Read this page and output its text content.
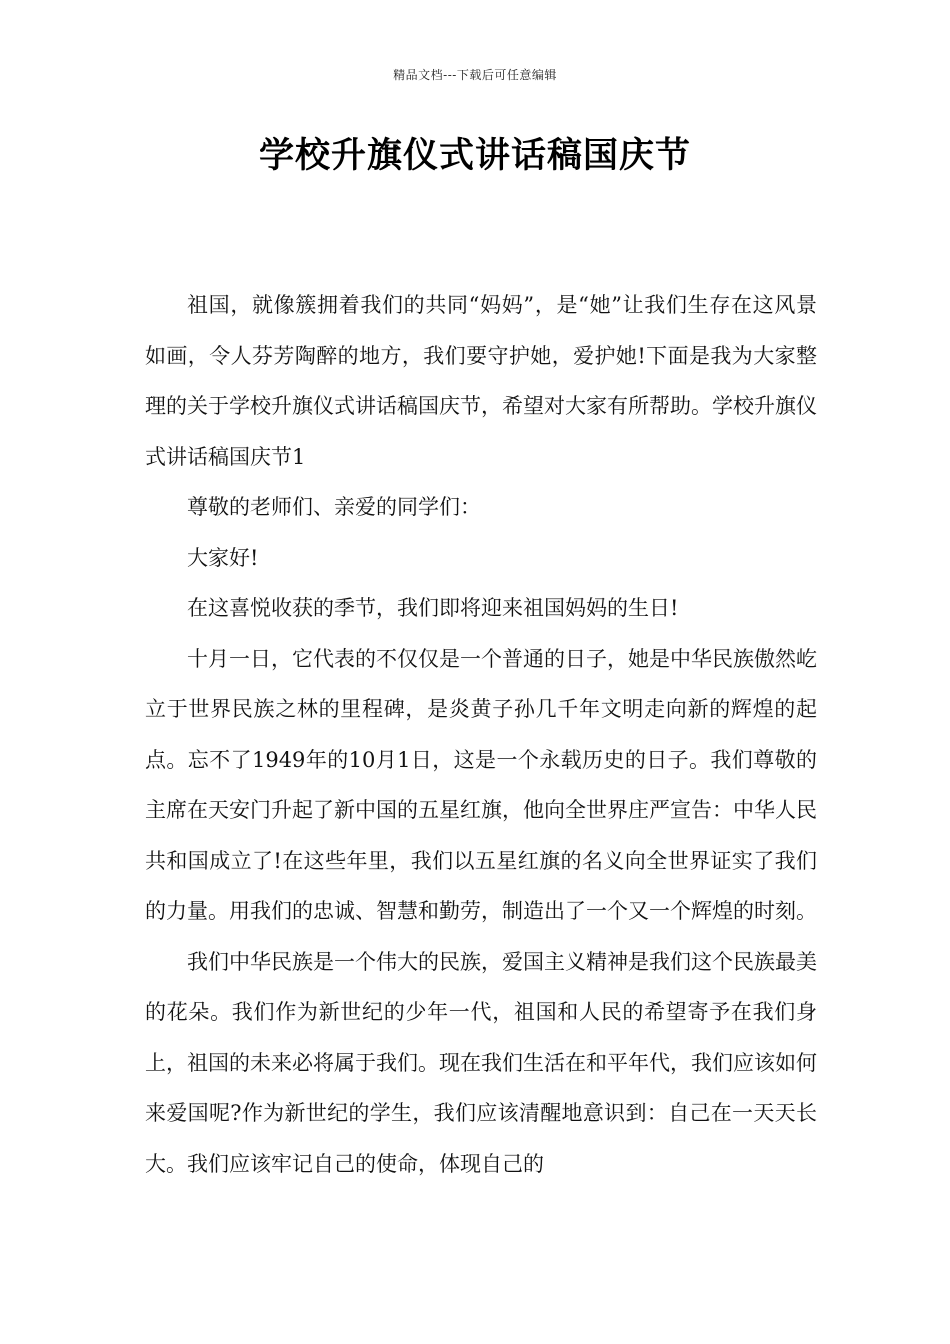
精品文档---下载后可任意编辑
学校升旗仪式讲话稿国庆节

祖国，就像簇拥着我们的共同“妈妈”，是“她”让我们生存在这风景如画，令人芬芳陶醉的地方，我们要守护她，爱护她!下面是我为大家整理的关于学校升旗仪式讲话稿国庆节，希望对大家有所帮助。学校升旗仪式讲话稿国庆节1

尊敬的老师们、亲爱的同学们：

大家好!

在这喜悦收获的季节，我们即将迎来祖国妈妈的生日!

十月一日，它代表的不仅仅是一个普通的日子，她是中华民族傲然屹立于世界民族之林的里程碑，是炎黄子孙几千年文明走向新的辉煌的起点。忘不了1949年的10月1日，这是一个永载历史的日子。我们尊敬的主席在天安门升起了新中国的五星红旗，他向全世界庄严宣告：中华人民共和国成立了!在这些年里，我们以五星红旗的名义向全世界证实了我们的力量。用我们的忠诚、智慧和勤劳，制造出了一个又一个辉煌的时刻。

我们中华民族是一个伟大的民族，爱国主义精神是我们这个民族最美的花朵。我们作为新世纪的少年一代，祖国和人民的希望寄予在我们身上，祖国的未来必将属于我们。现在我们生活在和平年代，我们应该如何来爱国呢?作为新世纪的学生，我们应该清醒地意识到：自己在一天天长大。我们应该牢记自己的使命，体现自己的
